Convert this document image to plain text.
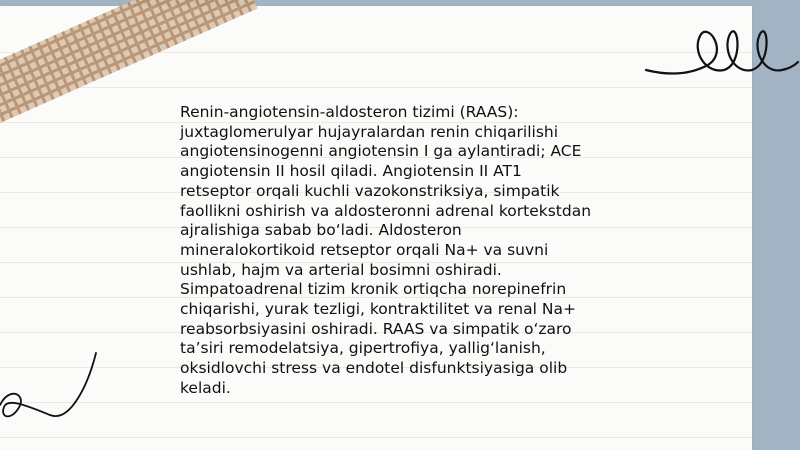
Renin-angiotensin-aldosteron tizimi (RAAS):
juxtaglomerulyar hujayralardan renin chiqarilishi
angiotensinogenni angiotensin I ga aylantiradi; ACE
angiotensin II hosil qiladi. Angiotensin II AT1
retseptor orqali kuchli vazokonstriksiya, simpatik
faollikni oshirish va aldosteronni adrenal kortekstdan
ajralishiga sabab bo‘ladi. Aldosteron
mineralokortikoid retseptor orqali Na+ va suvni
ushlab, hajm va arterial bosimni oshiradi.
Simpatoadrenal tizim kronik ortiqcha norepinefrin
chiqarishi, yurak tezligi, kontraktilitet va renal Na+
reabsorbsiyasini oshiradi. RAAS va simpatik o‘zaro
ta’siri remodelatsiya, gipertrofiya, yallig‘lanish,
oksidlovchi stress va endotel disfunktsiyasiga olib
keladi.
